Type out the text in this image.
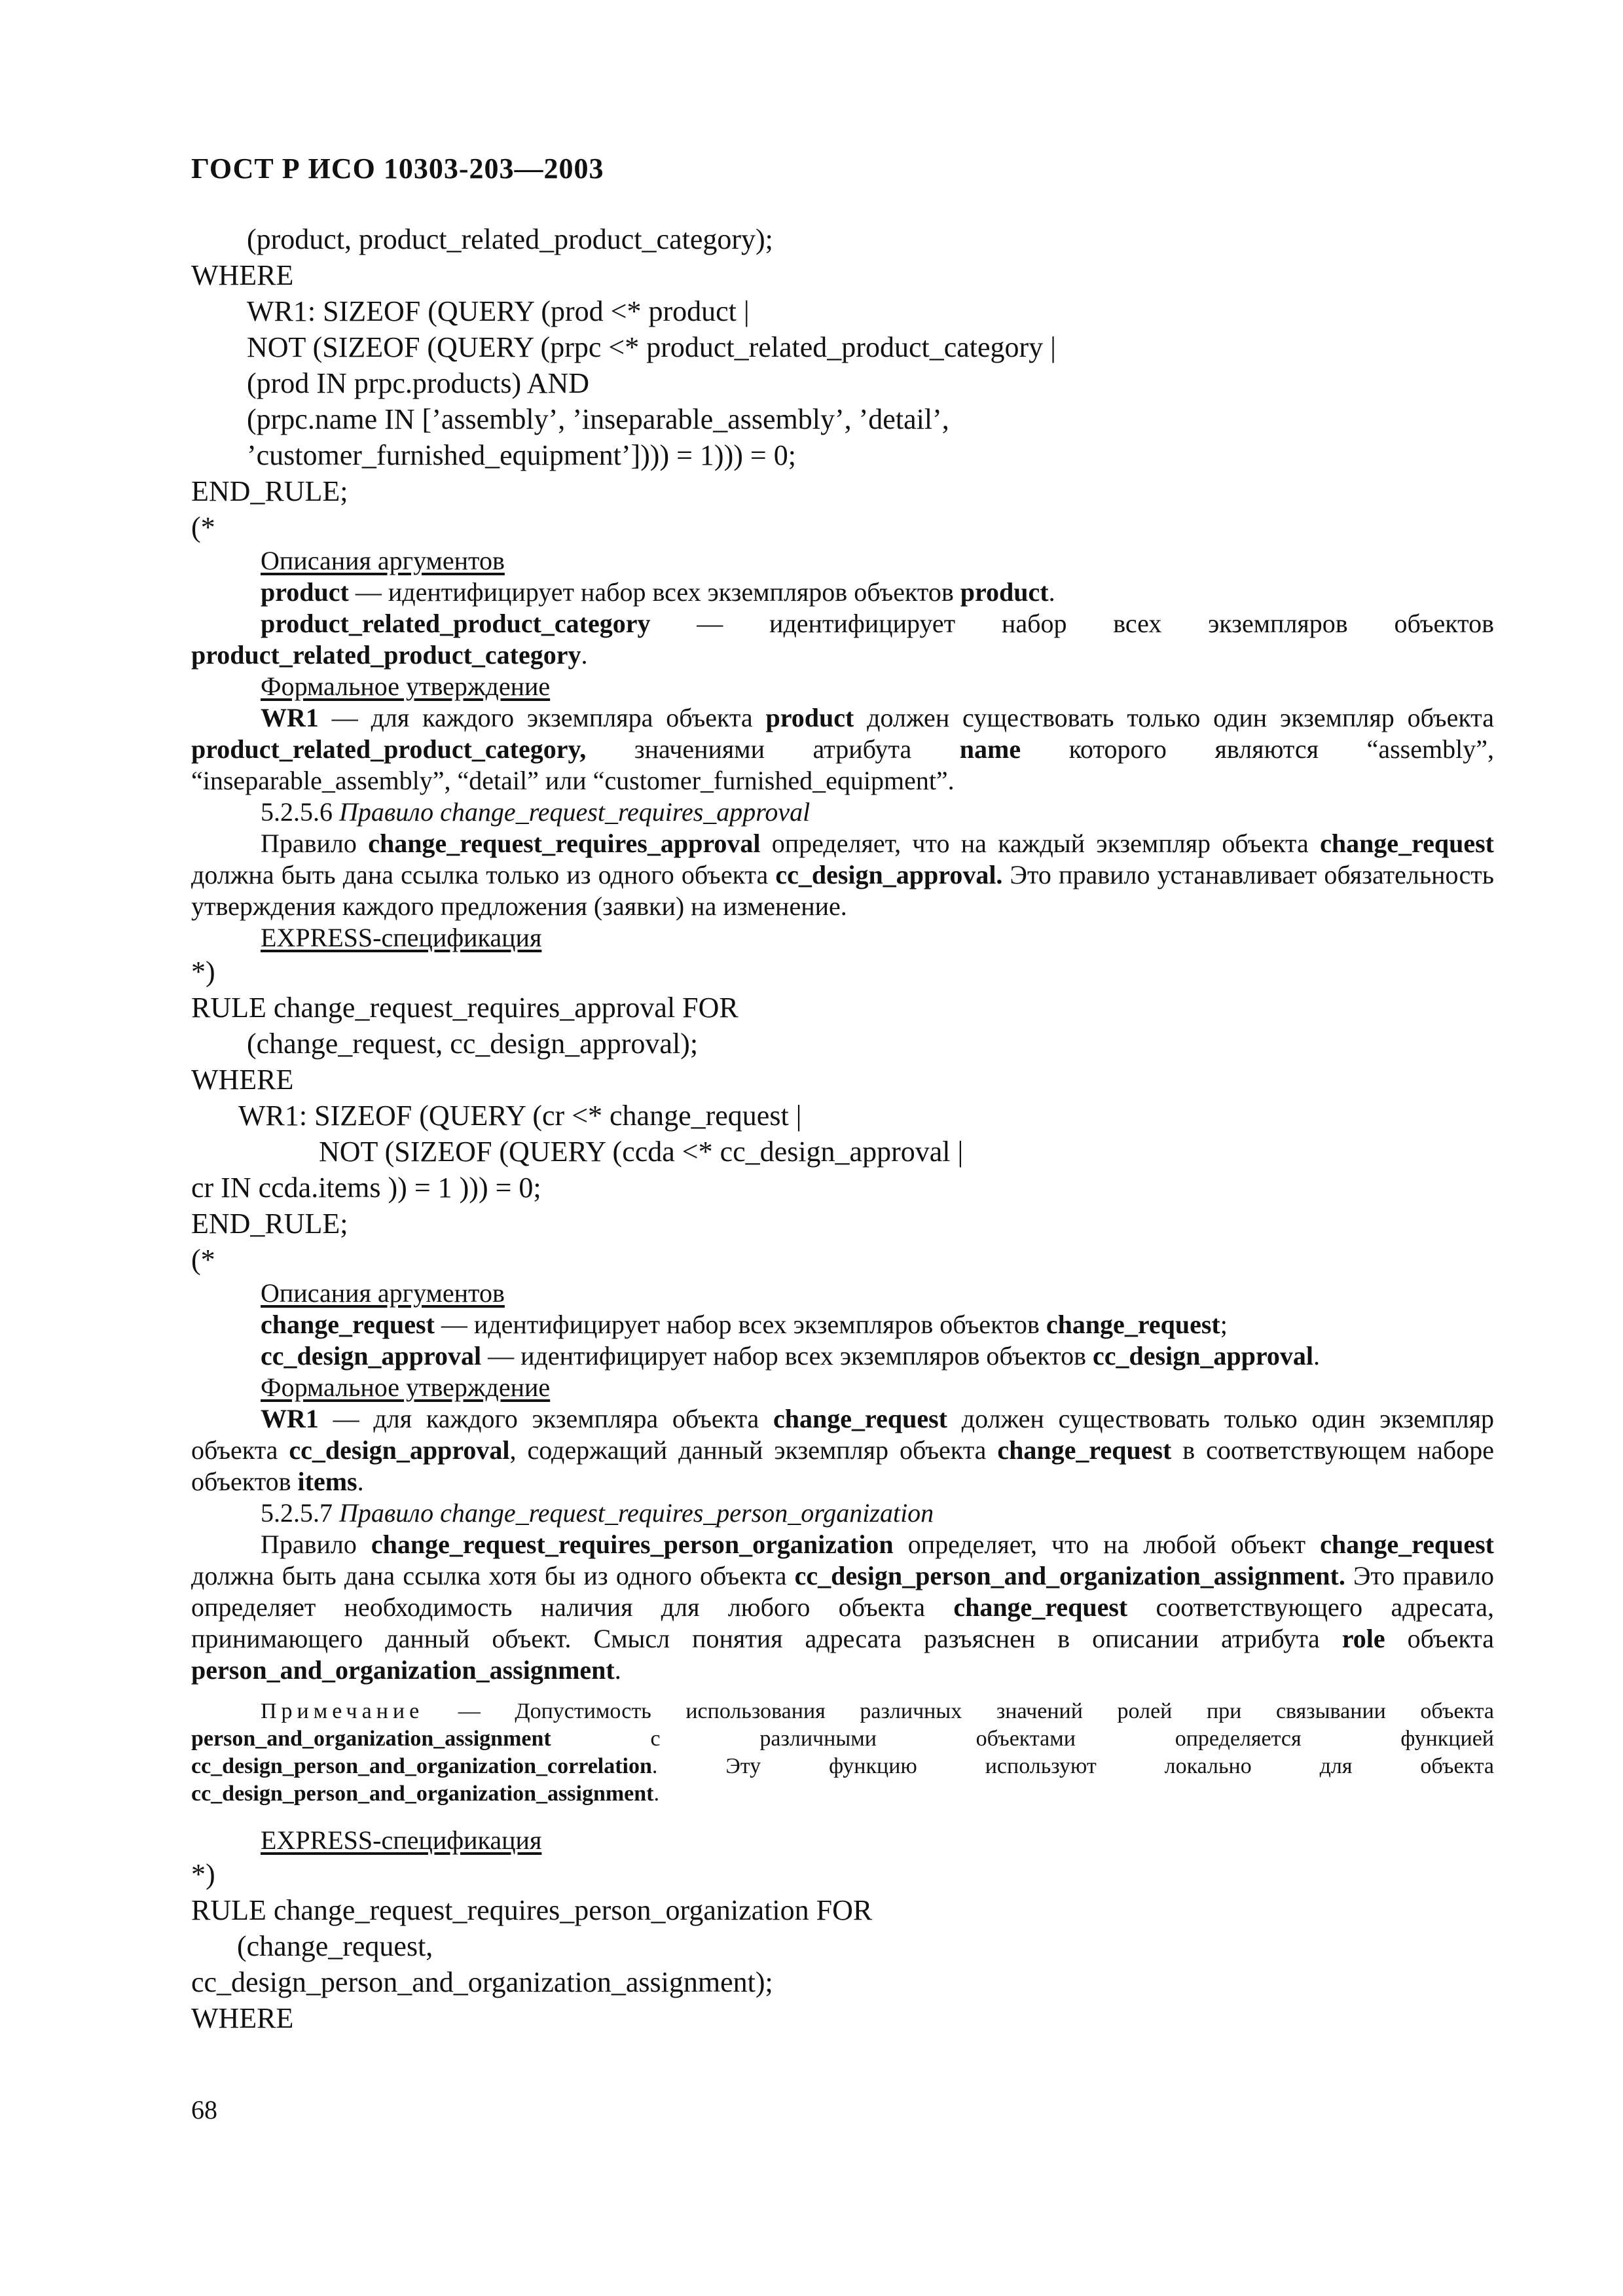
ГОСТ Р ИСО 10303-203—2003
(product, product_related_product_category);
WHERE
WR1: SIZEOF (QUERY (prod <* product |
NOT (SIZEOF (QUERY (prpc <* product_related_product_category |
(prod IN prpc.products) AND
(prpc.name IN [’assembly’, ’inseparable_assembly’, ’detail’,
’customer_furnished_equipment’]))) = 1))) = 0;
END_RULE;
(*
Описания аргументов
product — идентифицирует набор всех экземпляров объектов product.
product_related_product_category — идентифицирует набор всех экземпляров объектов product_related_product_category.
Формальное утверждение
WR1 — для каждого экземпляра объекта product должен существовать только один экземпляр объекта product_related_product_category, значениями атрибута name которого являются “assembly”, “inseparable_assembly”, “detail” или “customer_furnished_equipment”.
5.2.5.6 Правило change_request_requires_approval
Правило change_request_requires_approval определяет, что на каждый экземпляр объекта change_request должна быть дана ссылка только из одного объекта cc_design_approval. Это правило устанавливает обязательность утверждения каждого предложения (заявки) на изменение.
EXPRESS-спецификация
*)
RULE change_request_requires_approval FOR
(change_request, cc_design_approval);
WHERE
WR1: SIZEOF (QUERY (cr <* change_request |
NOT (SIZEOF (QUERY (ccda <* cc_design_approval |
cr IN ccda.items )) = 1 ))) = 0;
END_RULE;
(*
Описания аргументов
change_request — идентифицирует набор всех экземпляров объектов change_request;
cc_design_approval — идентифицирует набор всех экземпляров объектов cc_design_approval.
Формальное утверждение
WR1 — для каждого экземпляра объекта change_request должен существовать только один экземпляр объекта cc_design_approval, содержащий данный экземпляр объекта change_request в соответствующем наборе объектов items.
5.2.5.7 Правило change_request_requires_person_organization
Правило change_request_requires_person_organization определяет, что на любой объект change_request должна быть дана ссылка хотя бы из одного объекта cc_design_person_and_organization_assignment. Это правило определяет необходимость наличия для любого объекта change_request соответствующего адресата, принимающего данный объект. Смысл понятия адресата разъяснен в описании атрибута role объекта person_and_organization_assignment.
Примечание — Допустимость использования различных значений ролей при связывании объекта person_and_organization_assignment с различными объектами определяется функцией cc_design_person_and_organization_correlation. Эту функцию используют локально для объекта cc_design_person_and_organization_assignment.
EXPRESS-спецификация
*)
RULE change_request_requires_person_organization FOR
(change_request,
cc_design_person_and_organization_assignment);
WHERE
68
